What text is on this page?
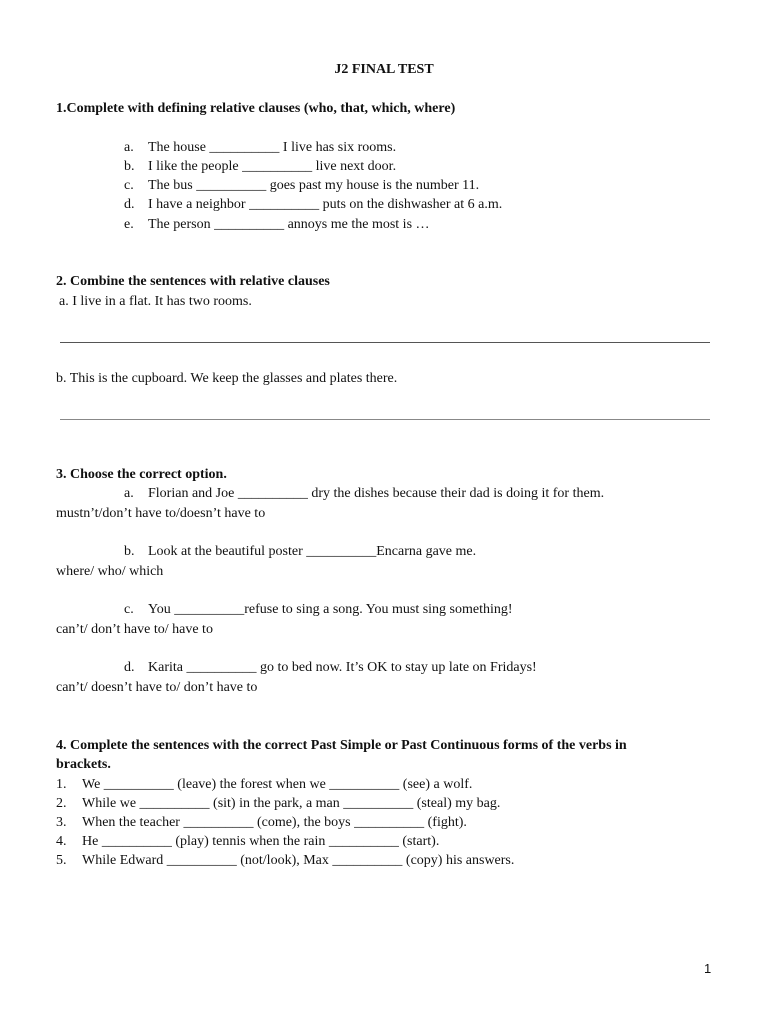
J2 FINAL TEST
1.Complete with defining relative clauses (who, that, which, where)
a. The house __________ I live has six rooms.
b. I like the people __________ live next door.
c. The bus __________ goes past my house is the number 11.
d. I have a neighbor __________ puts on the dishwasher at 6 a.m.
e. The person __________ annoys me the most is …
2. Combine the sentences with relative clauses
a. I live in a flat. It has two rooms.
b. This is the cupboard. We keep the glasses and plates there.
3. Choose the correct option.
a. Florian and Joe __________ dry the dishes because their dad is doing it for them.
mustn’t/don’t have to/doesn’t have to
b. Look at the beautiful poster __________Encarna gave me.
where/ who/ which
c. You __________refuse to sing a song. You must sing something!
can’t/ don’t have to/ have to
d. Karita __________ go to bed now. It’s OK to stay up late on Fridays!
can’t/ doesn’t have to/ don’t have to
4. Complete the sentences with the correct Past Simple or Past Continuous forms of the verbs in
brackets.
1. We __________ (leave) the forest when we __________ (see) a wolf.
2. While we __________ (sit) in the park, a man __________ (steal) my bag.
3. When the teacher __________ (come), the boys __________ (fight).
4. He __________ (play) tennis when the rain __________ (start).
5. While Edward __________ (not/look), Max __________ (copy) his answers.
1
